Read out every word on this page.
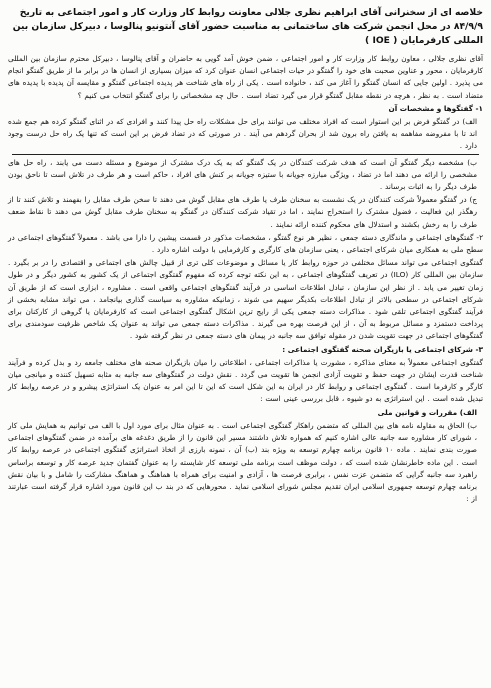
خلاصه ای از سخنرانی آقای ابراهیم نظری جلالی معاونت روابط کار وزارت کار و امور اجتماعی به تاریخ ۸۴/۹/۹ در محل انجمن شرکت های ساختمانی به مناسبت حضور آقای آنتونیو پنالوسا ، دبیرکل سازمان بین المللی کارفرمایان ( IOE )
آقای نظری جلالی ، معاون روابط کار وزارت کار و امور اجتماعی ، ضمن خوش آمد گویی به حاضران و آقای پنالوسا ، دبیرکل محترم سازمان بین المللی کارفرمایان ، محور و عناوین صحبت های خود را گفتگو در حیات اجتماعی انسان عنوان کرد که میزان بسیاری از انسان ها در برابر ما از طریق گفتگو انجام می پذیرد . اولین جایی که انسان گفتگو را آغاز می کند ، خانواده است . یکی از راه های شناخت هر پدیده اجتماعی گفتگو و مقایسه آن پدیده با پدیده های متضاد است . به نظر ، هرچه در نقطه مقابل گفتگو قرار می گیرد تضاد است . حال چه مشخصاتی را برای گفتگو انتخاب می کنیم ؟
۱- گفتگوها و مشخصات آن
الف) در گفتگو فرض بر این استوار است که افراد مختلف می توانند برای حل مشکلات راه حل پیدا کنند و افرادی که در اثنای گفتگو کرده هم جمع شده اند تا با مفروضه مفاهمه به یافتن راه برون شد از بحران گردهم می آیند . در صورتی که در تضاد فرض بر این است که تنها یک راه حل درست وجود دارد .
ب) مشخصه دیگر گفتگو آن است که هدف شرکت کنندگان در یک گفتگو که به یک درک مشترک از موضوع و مسئله دست می یابند ، راه حل های مشخصی را ارائه می دهند اما در تضاد ، ویژگی مبارزه جویانه با ستیزه جویانه بر کنش های افراد ، حاکم است و هر طرف در تلاش است تا ناحق بودن طرف دیگر را به اثبات برساند .
ج) در گفتگو معمولاً شرکت کنندگان در یک نشست به سخنان طرف یا طرف های مقابل گوش می دهند تا سخن طرف مقابل را بفهمند و تلاش کنند تا از رهگذر این فعالیت ، فضول مشترک را استخراج نمایند ، اما در تقیاد شرکت کنندگان در گفتگو به سخنان طرف مقابل گوش می دهند تا نقاط ضعف طرف را به رخش بکشند و استدلال های محکوم کننده ارائه نمایند .
۲- گفتگوهای اجتماعی و ماندگاری دسته جمعی ، نظیر هر نوع گفتگو ، مشخصات مذکور در قسمت پیشین را دارا می باشد . معمولاً گفتگوهای اجتماعی در سطح ملی به همکاری میان شرکای اجتماعی ، یعنی سازمان های کارگری و کارفرمایی با دولت اشاره دارد .
گفتگوی اجتماعی می تواند مسائل مختلفی در حوزه روابط کار یا مسائل و موضوعات کلی تری از قبیل چالش های اجتماعی و اقتصادی را در بر بگیرد . سازمان بین المللی کار (ILO) در تعریف گفتگوهای اجتماعی ، به این نکته توجه کرده که مفهوم گفتگوی اجتماعی از یک کشور به کشور دیگر و در طول زمان تغییر می یابد . از نظر این سازمان ، تبادل اطلاعات اساسی در فرآیند گفتگوهای اجتماعی واقعی است . مشاوره ، ابزاری است که از طریق آن شرکای اجتماعی در سطحی بالاتر از تبادل اطلاعات بکدیگر سهیم می شوند ، زمانیکه مشاوره به سیاست گذاری بیانجامد ، می تواند مشابه بخشی از فرآیند گفتگوی اجتماعی تلقی شود . مذاکرات دسته جمعی یکی از رایج ترین اشکال گفتگوی اجتماعی است که کارفرمایان یا گروهی از کارکنان برای پرداخت دستمزد و مسائل مربوط به آن ، از این فرصت بهره می گیرند . مذاکرات دسته جمعی می تواند به عنوان یک شاخص ظرفیت سودمندی برای گفتگوهای اجتماعی در جهت تقویت شدن در مقوله توافق سه جانبه در پیمان های دسته جمعی در نظر گرفته شود .
۳- شرکای اجتماعی یا بازیگران صحنه گفتگوی اجتماعی :
گفتگوی اجتماعی معمولاً به معنای مذاکره ، مشورت یا مذاکرات اجتماعی ، اطلاعاتی را میان بازیگران صحنه های مختلف جامعه رد و بدل کرده و فرآیند شناخت قدرت ایشان در جهت حفظ و تقویت آزادی انجمن ها تقویت می گردد . نقش دولت در گفتگوهای سه جانبه به مثابه تسهیل کننده و میانجی میان کارگر و کارفرما است . گفتگوی اجتماعی و روابط کار در ایران به این شکل است که این تا این امر به عنوان یک استراتژی پیشرو و در عرصه روابط کار تبدیل شده است . این استراتژی به دو شیوه ، قابل بررسی عینی است :
الف) مقررات و قوانین ملی
ب) الحاق به مقاوله نامه های بین المللی که متضمن راهکار گفتگوی اجتماعی است . به عنوان مثال برای مورد اول با الف می توانیم به همایش ملی کار ، شورای کار مشاوره سه جانبه عالی اشاره کنیم که همواره تلاش داشتند مسیر این قانون را از طریق دغدغه های برآمده در ضمن گفتگوهای اجتماعی صورت بندی نمایند . ماده ۱۰ قانون برنامه چهارم توسعه به ویژه بند (ب) آن ، نمونه بارزی از اتخاذ استراتژی گفتگوی اجتماعی در عرصه روابط کار است . این ماده خاطرنشان شده است که ، دولت موظف است برنامه ملی توسعه کار شایسته را به عنوان گفتمان جدید عرصه کار و توسعه براساس راهبرد سه جانبه گرایی که متضمن عزت نفس ، برابری فرصت ها ، آزادی و امنیت برای همراه با هماهنگ و هماهنگ مشارکت را شامل و با بیان نقش برنامه چهارم توسعه جمهوری اسلامی ایران تقدیم مجلس شورای اسلامی نماید . محورهایی که در بند ب این قانون مورد اشاره قرار گرفته است عبارتند از :
